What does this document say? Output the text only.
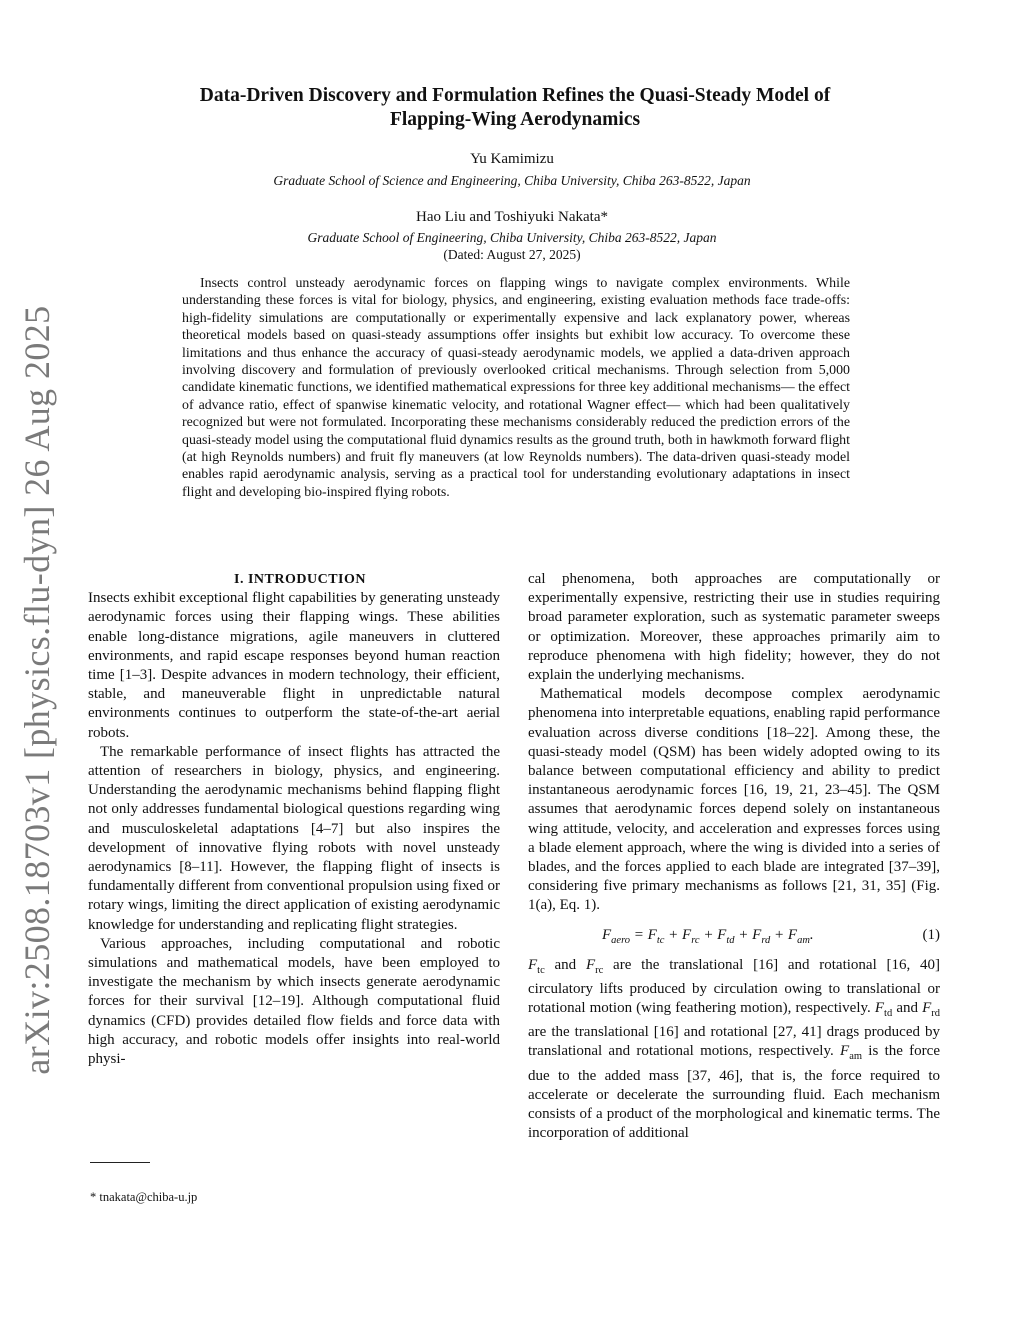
arXiv:2508.18703v1 [physics.flu-dyn] 26 Aug 2025
Data-Driven Discovery and Formulation Refines the Quasi-Steady Model of
Flapping-Wing Aerodynamics
Yu Kamimizu
Graduate School of Science and Engineering, Chiba University, Chiba 263-8522, Japan
Hao Liu and Toshiyuki Nakata*
Graduate School of Engineering, Chiba University, Chiba 263-8522, Japan
(Dated: August 27, 2025)

Insects control unsteady aerodynamic forces on flapping wings to navigate complex environments. While understanding these forces is vital for biology, physics, and engineering, existing evaluation methods face trade-offs: high-fidelity simulations are computationally or experimentally expensive and lack explanatory power, whereas theoretical models based on quasi-steady assumptions offer insights but exhibit low accuracy. To overcome these limitations and thus enhance the accuracy of quasi-steady aerodynamic models, we applied a data-driven approach involving discovery and formulation of previously overlooked critical mechanisms. Through selection from 5,000 candidate kinematic functions, we identified mathematical expressions for three key additional mechanisms— the effect of advance ratio, effect of spanwise kinematic velocity, and rotational Wagner effect— which had been qualitatively recognized but were not formulated. Incorporating these mechanisms considerably reduced the prediction errors of the quasi-steady model using the computational fluid dynamics results as the ground truth, both in hawkmoth forward flight (at high Reynolds numbers) and fruit fly maneuvers (at low Reynolds numbers). The data-driven quasi-steady model enables rapid aerodynamic analysis, serving as a practical tool for understanding evolutionary adaptations in insect flight and developing bio-inspired flying robots.

I. INTRODUCTION

Insects exhibit exceptional flight capabilities by generating unsteady aerodynamic forces using their flapping wings. These abilities enable long-distance migrations, agile maneuvers in cluttered environments, and rapid escape responses beyond human reaction time [1–3]. Despite advances in modern technology, their efficient, stable, and maneuverable flight in unpredictable natural environments continues to outperform the state-of-the-art aerial robots.

The remarkable performance of insect flights has attracted the attention of researchers in biology, physics, and engineering. Understanding the aerodynamic mechanisms behind flapping flight not only addresses fundamental biological questions regarding wing and musculoskeletal adaptations [4–7] but also inspires the development of innovative flying robots with novel unsteady aerodynamics [8–11]. However, the flapping flight of insects is fundamentally different from conventional propulsion using fixed or rotary wings, limiting the direct application of existing aerodynamic knowledge for understanding and replicating flight strategies.

Various approaches, including computational and robotic simulations and mathematical models, have been employed to investigate the mechanism by which insects generate aerodynamic forces for their survival [12–19]. Although computational fluid dynamics (CFD) provides detailed flow fields and force data with high accuracy, and robotic models offer insights into real-world physi-

cal phenomena, both approaches are computationally or experimentally expensive, restricting their use in studies requiring broad parameter exploration, such as systematic parameter sweeps or optimization. Moreover, these approaches primarily aim to reproduce phenomena with high fidelity; however, they do not explain the underlying mechanisms.

Mathematical models decompose complex aerodynamic phenomena into interpretable equations, enabling rapid performance evaluation across diverse conditions [18–22]. Among these, the quasi-steady model (QSM) has been widely adopted owing to its balance between computational efficiency and ability to predict instantaneous aerodynamic forces [16, 19, 21, 23–45]. The QSM assumes that aerodynamic forces depend solely on instantaneous wing attitude, velocity, and acceleration and expresses forces using a blade element approach, where the wing is divided into a series of blades, and the forces applied to each blade are integrated [37–39], considering five primary mechanisms as follows [21, 31, 35] (Fig. 1(a), Eq. 1).

$F_{aero} = F_{tc} + F_{rc} + F_{td} + F_{rd} + F_{am}$.	(1)

$F_{tc}$ and $F_{rc}$ are the translational [16] and rotational [16, 40] circulatory lifts produced by circulation owing to translational or rotational motion (wing feathering motion), respectively. $F_{td}$ and $F_{rd}$ are the translational [16] and rotational [27, 41] drags produced by translational and rotational motions, respectively. $F_{am}$ is the force due to the added mass [37, 46], that is, the force required to accelerate or decelerate the surrounding fluid. Each mechanism consists of a product of the morphological and kinematic terms. The incorporation of additional

* tnakata@chiba-u.jp
